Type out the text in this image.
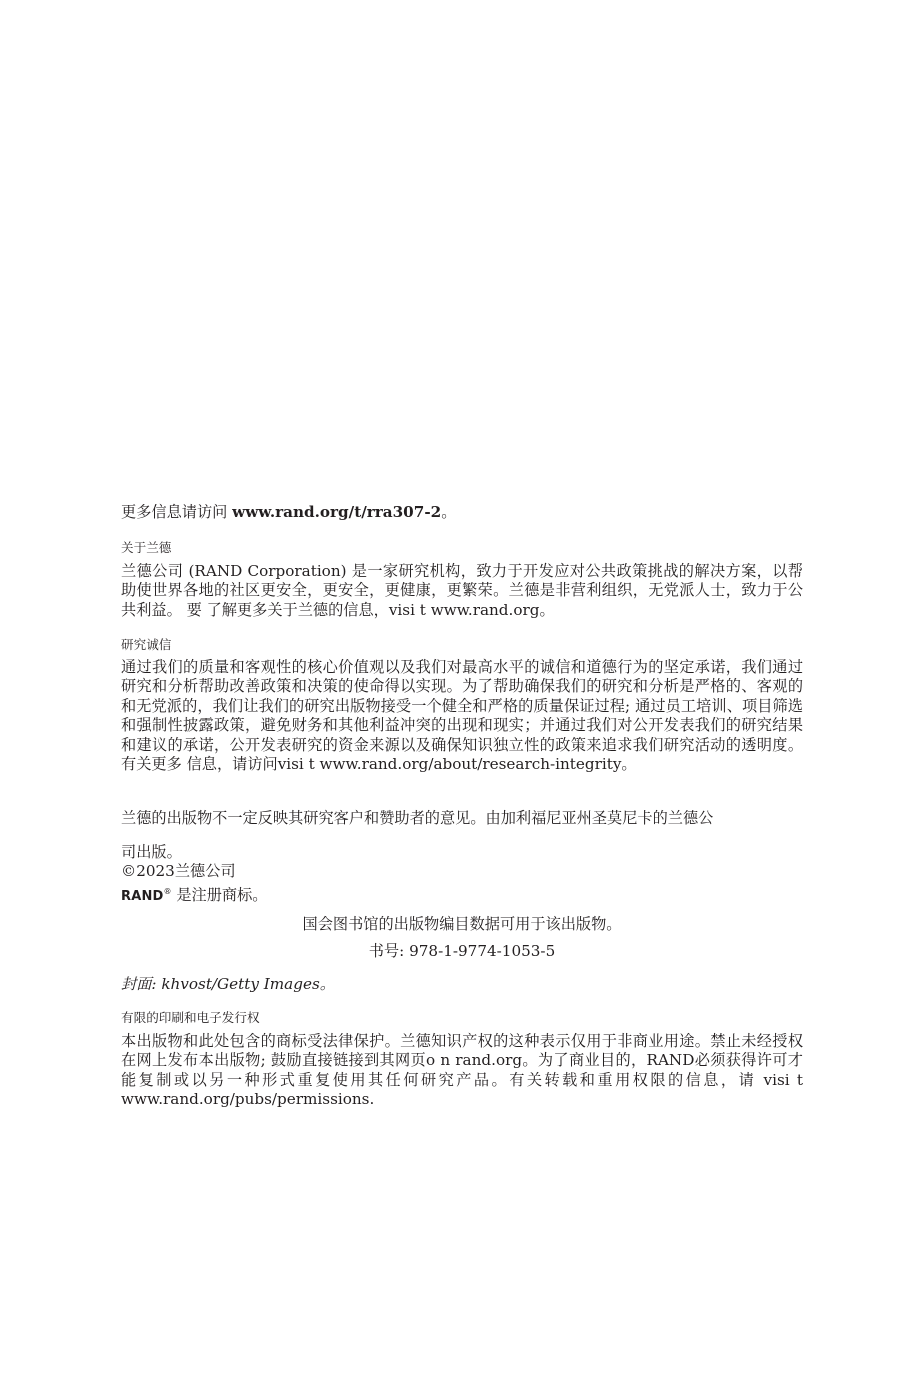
更多信息请访问 www.rand.org/t/rra307-2。
关于兰德
兰德公司 (RAND Corporation) 是一家研究机构，致力于开发应对公共政策挑战的解决方案，以帮助使世界各地的社区更安全，更安全，更健康，更繁荣。兰德是非营利组织，无党派人士，致力于公共利益。 要 了解更多关于兰德的信息，visi t www.rand.org。
研究诚信
通过我们的质量和客观性的核心价值观以及我们对最高水平的诚信和道德行为的坚定承诺，我们通过研究和分析帮助改善政策和决策的使命得以实现。为了帮助确保我们的研究和分析是严格的、客观的和无党派的，我们让我们的研究出版物接受一个健全和严格的质量保证过程; 通过员工培训、项目筛选和强制性披露政策，避免财务和其他利益冲突的出现和现实；并通过我们对公开发表我们的研究结果和建议的承诺，公开发表研究的资金来源以及确保知识独立性的政策来追求我们研究活动的透明度。有关更多 信息，请访问visi t www.rand.org/about/research-integrity。
兰德的出版物不一定反映其研究客户和赞助者的意见。由加利福尼亚州圣莫尼卡的兰德公
司出版。
©2023兰德公司
RAND® 是注册商标。
国会图书馆的出版物编目数据可用于该出版物。
书号: 978-1-9774-1053-5
封面: khvost/Getty Images。
有限的印刷和电子发行权
本出版物和此处包含的商标受法律保护。兰德知识产权的这种表示仅用于非商业用途。禁止未经授权在网上发布本出版物; 鼓励直接链接到其网页o n rand.org。为了商业目的，RAND必须获得许可才能复制或以另一种形式重复使用其任何研究产品。有关转载和重用权限的信息，请 visi t www.rand.org/pubs/permissions.
